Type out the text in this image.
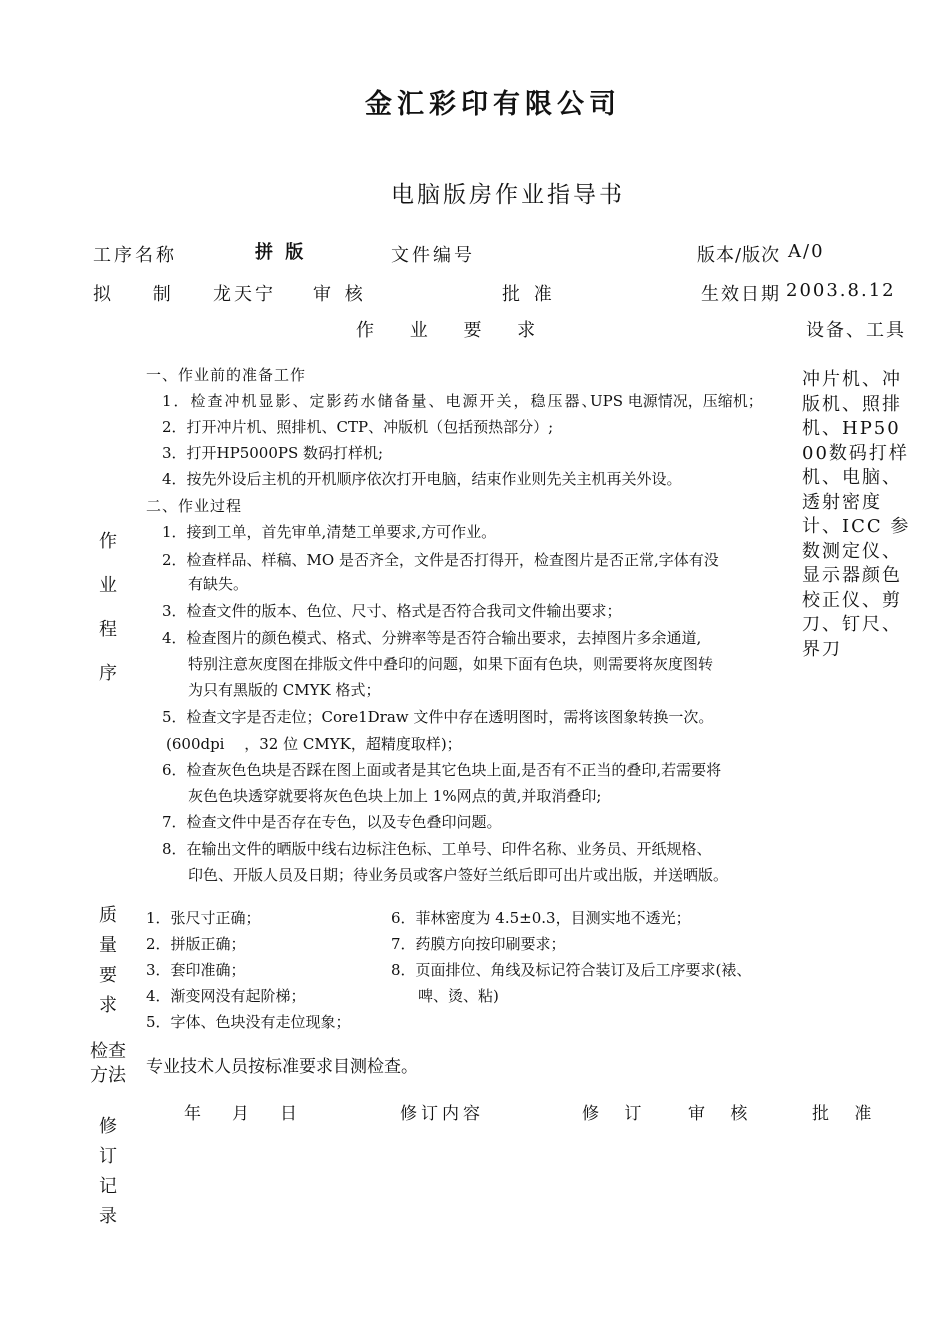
金汇彩印有限公司
电脑版房作业指导书
工序名称	拼 版	文件编号	版本/版次 A/0
拟 制 龙天宁 审 核	批 准	生效日期 2003.8.12
作 业 要 求	设备、工具
作业程序
一、作业前的准备工作
1．检查冲机显影、定影药水储备量、电源开关，稳压器、
UPS 电源情况，压缩机；
2．打开冲片机、照排机、CTP、冲版机（包括预热部分）;
3．打开HP5000PS 数码打样机;
4．按先外设后主机的开机顺序依次打开电脑，结束作业则先关主机再关外设。
二、作业过程
1．接到工单，首先审单,清楚工单要求,方可作业。
2．检查样品、样稿、MO 是否齐全，文件是否打得开，检查图片是否正常,字体有没
有缺失。
3．检查文件的版本、色位、尺寸、格式是否符合我司文件输出要求；
4．检查图片的颜色模式、格式、分辨率等是否符合输出要求，去掉图片多余通道,
特别注意灰度图在排版文件中叠印的问题，如果下面有色块，则需要将灰度图转
为只有黑版的 CMYK 格式；
5．检查文字是否走位；Core1Draw 文件中存在透明图时，需将该图象转换一次。
(600dpi　 ，32 位 CMYK，超精度取样)；
6．检查灰色色块是否踩在图上面或者是其它色块上面,是否有不正当的叠印,若需要将
灰色色块透穿就要将灰色色块上加上 1%网点的黄,并取消叠印;
7．检查文件中是否存在专色，以及专色叠印问题。
8．在输出文件的晒版中线右边标注色标、工单号、印件名称、业务员、开纸规格、
印色、开版人员及日期；待业务员或客户签好兰纸后即可出片或出版，并送晒版。
冲片机、冲版机、照排机、HP5000数码打样机、电脑、透射密度计、ICC 参数测定仪、显示器颜色校正仪、剪刀、钉尺、界刀
质量要求
1．张尺寸正确；
2．拼版正确；
3．套印准确；
4．渐变网没有起阶梯；
5．字体、色块没有走位现象；
6．菲林密度为 4.5±0.3，目测实地不透光；
7．药膜方向按印刷要求；
8．页面排位、角线及标记符合装订及后工序要求(裱、
啤、烫、粘)
检查方法 专业技术人员按标准要求目测检查。
修订记录
年 月 日	修订内容	修 订	审 核	批 准
